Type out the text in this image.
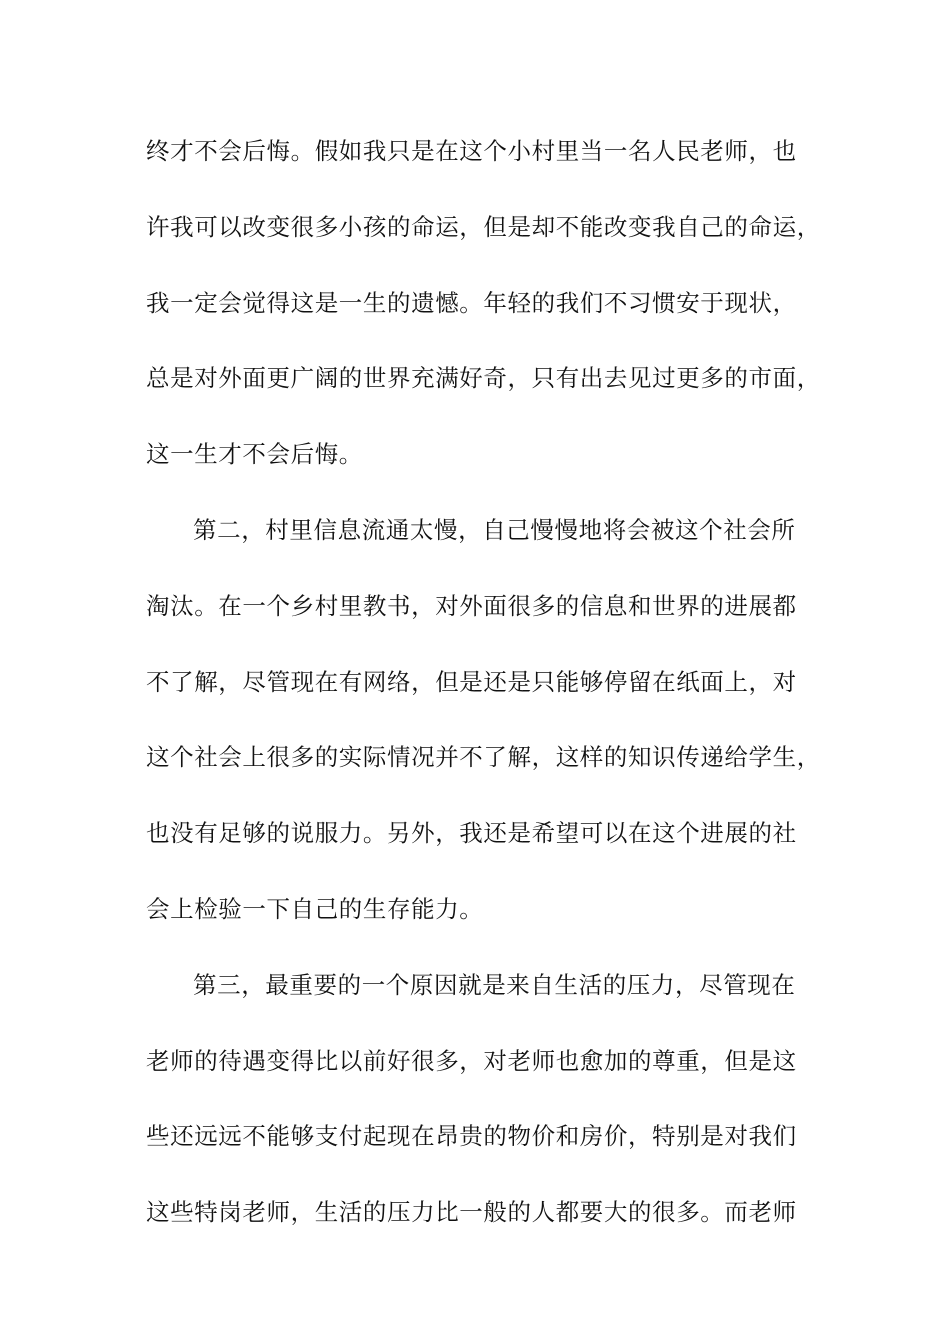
终才不会后悔。假如我只是在这个小村里当一名人民老师，也
许我可以改变很多小孩的命运，但是却不能改变我自己的命运，
我一定会觉得这是一生的遗憾。年轻的我们不习惯安于现状，
总是对外面更广阔的世界充满好奇，只有出去见过更多的市面，
这一生才不会后悔。
第二，村里信息流通太慢，自己慢慢地将会被这个社会所
淘汰。在一个乡村里教书，对外面很多的信息和世界的进展都
不了解，尽管现在有网络，但是还是只能够停留在纸面上，对
这个社会上很多的实际情况并不了解，这样的知识传递给学生，
也没有足够的说服力。另外，我还是希望可以在这个进展的社
会上检验一下自己的生存能力。
第三，最重要的一个原因就是来自生活的压力，尽管现在
老师的待遇变得比以前好很多，对老师也愈加的尊重，但是这
些还远远不能够支付起现在昂贵的物价和房价，特别是对我们
这些特岗老师，生活的压力比一般的人都要大的很多。而老师
